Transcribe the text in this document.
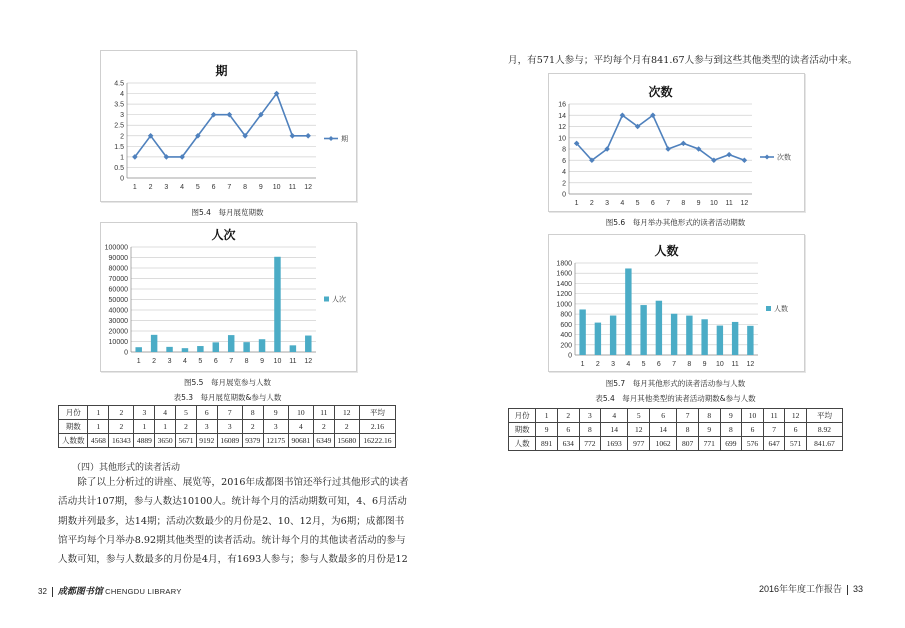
期
0
0.5
1
1.5
2
2.5
3
3.5
4
4.5
1 2 3 4 5 6 7 8 9 10 11 12
期
图5.4　每月展览期数
人次
0
10000
20000
30000
40000
50000
60000
70000
80000
90000
100000
1 2 3 4 5 6 7 8 9 10 11 12
人次
图5.5　每月展览参与人数
表5.3　每月展览期数&参与人数
月份	1	2	3	4	5	6	7	8	9	10	11	12	平均
期数	1	2	1	1	2	3	3	2	3	4	2	2	2.16
人数数	4568	16343	4889	3650	5671	9192	16089	9379	12175	90681	6349	15680	16222.16
（四）其他形式的读者活动

除了以上分析过的讲座、展览等，2016年成都图书馆还举行过其他形式的读者

活动共计107期，参与人数达10100人。统计每个月的活动期数可知，4、6月活动

期数并列最多，达14期；活动次数最少的月份是2、10、12月，为6期；成都图书

馆平均每个月举办8.92期其他类型的读者活动。统计每个月的其他读者活动的参与

人数可知，参与人数最多的月份是4月，有1693人参与；参与人数最多的月份是12

32 成都图书馆 CHENGDU LIBRARY
月，有571人参与；平均每个月有841.67人参与到这些其他类型的读者活动中来。
次数
0
2
4
6
8
10
12
14
16
1 2 3 4 5 6 7 8 9 10 11 12
次数
图5.6　每月举办其他形式的读者活动期数
人数
0
200
400
600
800
1000
1200
1400
1600
1800
1 2 3 4 5 6 7 8 9 10 11 12
人数
图5.7　每月其他形式的读者活动参与人数
表5.4　每月其他类型的读者活动期数&参与人数
月份	1	2	3	4	5	6	7	8	9	10	11	12	平均
期数	9	6	8	14	12	14	8	9	8	6	7	6	8.92
人数	891	634	772	1693	977	1062	807	771	699	576	647	571	841.67
2016年年度工作报告 33
